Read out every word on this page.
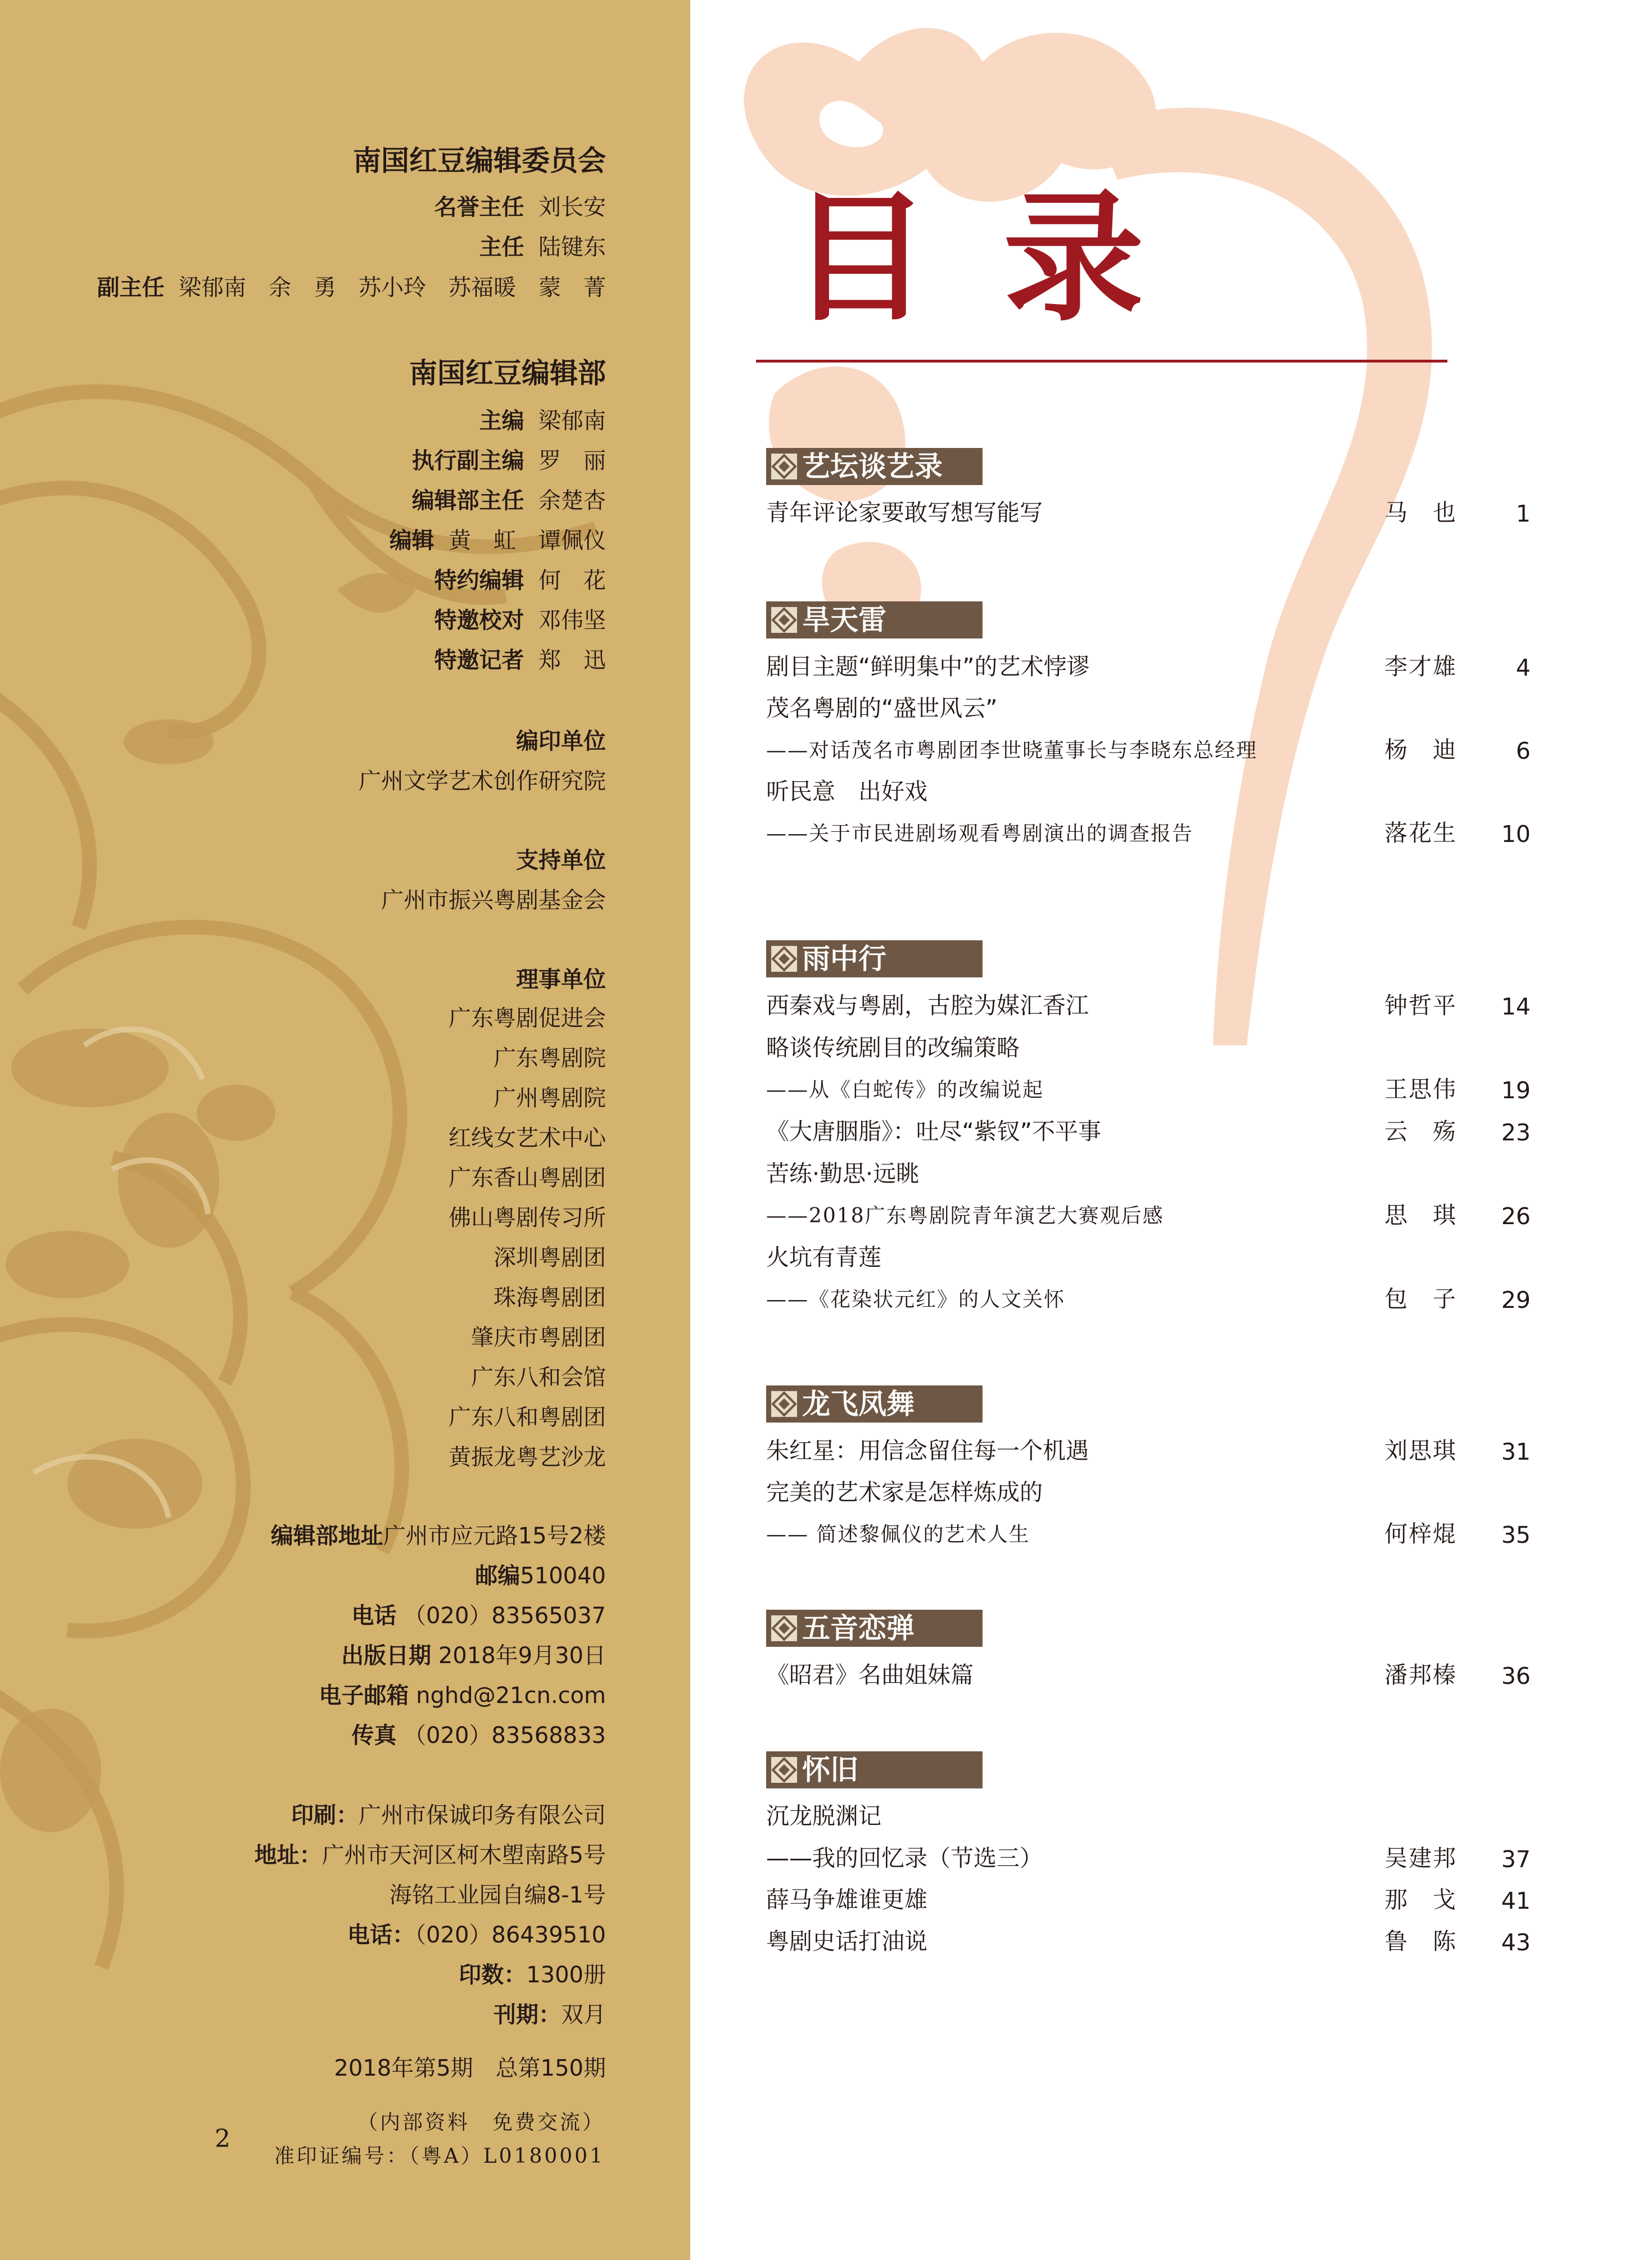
南国红豆编辑委员会
名誉主任 刘长安
主任 陆键东
副主任 梁郁南　余　勇　苏小玲　苏福暖　蒙　菁
南国红豆编辑部
主编 梁郁南
执行副主编 罗　丽
编辑部主任 余楚杏
编辑 黄　虹　谭佩仪
特约编辑 何　花
特邀校对 邓伟坚
特邀记者 郑　迅
编印单位
广州文学艺术创作研究院
支持单位
广州市振兴粤剧基金会
理事单位
广东粤剧促进会
广东粤剧院
广州粤剧院
红线女艺术中心
广东香山粤剧团
佛山粤剧传习所
深圳粤剧团
珠海粤剧团
肇庆市粤剧团
广东八和会馆
广东八和粤剧团
黄振龙粤艺沙龙
编辑部地址广州市应元路15号2楼
邮编510040
电话 （020）83565037
出版日期 2018年9月30日
电子邮箱 nghd@21cn.com
传真 （020）83568833
印刷：广州市保诚印务有限公司
地址：广州市天河区柯木塱南路5号
海铭工业园自编8-1号
电话：（020）86439510
印数：1300册
刊期：双月
2018年第5期　总第150期
2
（内部资料　免费交流）
准印证编号：（粤A）L0180001
目录
艺坛谈艺录
青年评论家要敢写想写能写	马　也	1
旱天雷
剧目主题“鲜明集中”的艺术悖谬	李才雄	4
茂名粤剧的“盛世风云”
——对话茂名市粤剧团李世晓董事长与李晓东总经理	杨　迪	6
听民意　出好戏
——关于市民进剧场观看粤剧演出的调查报告	落花生 10
雨中行
西秦戏与粤剧，古腔为媒汇香江	钟哲平 14
略谈传统剧目的改编策略
——从《白蛇传》的改编说起	王思伟 19
《大唐胭脂》：吐尽“紫钗”不平事	云　殇 23
苦练·勤思·远眺
——2018广东粤剧院青年演艺大赛观后感	思　琪 26
火坑有青莲
——《花染状元红》的人文关怀	包　子 29
龙飞凤舞
朱红星：用信念留住每一个机遇	刘思琪 31
完美的艺术家是怎样炼成的
—— 简述黎佩仪的艺术人生	何梓焜 35
五音恋弹
《昭君》名曲姐妹篇	潘邦榛 36
怀旧
沉龙脱渊记
——我的回忆录（节选三）	吴建邦 37
薛马争雄谁更雄	那　戈 41
粤剧史话打油说	鲁　陈 43
